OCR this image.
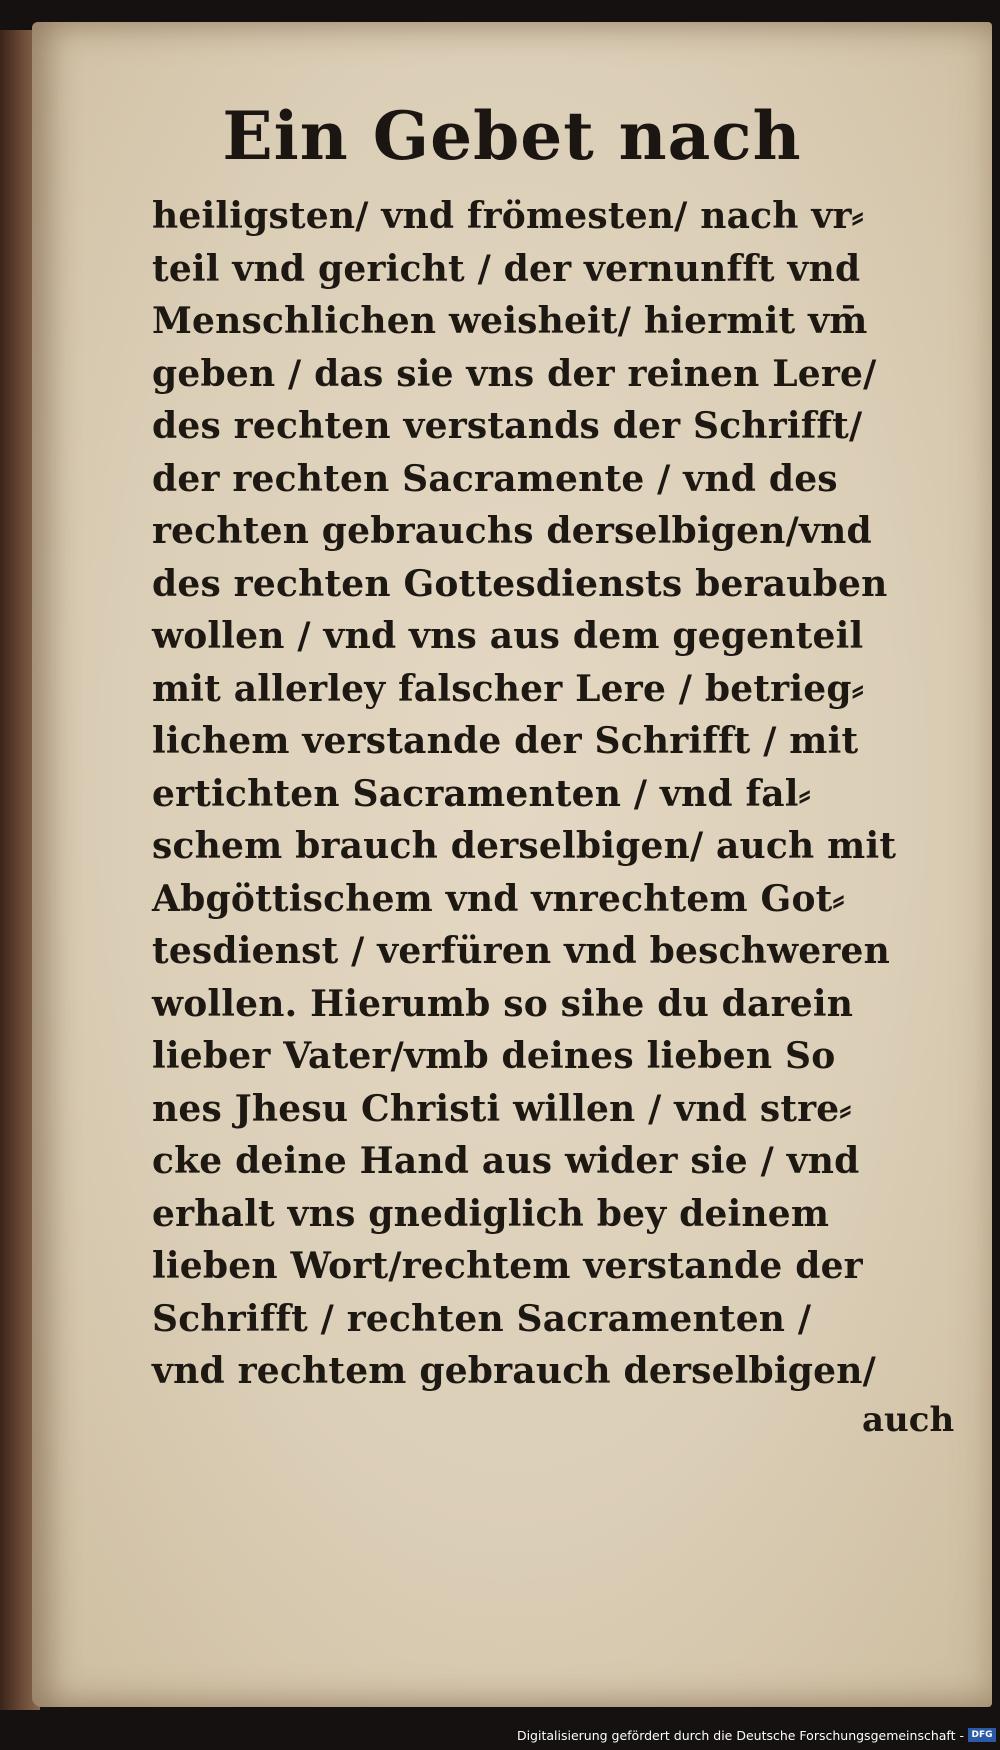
Ein Gebet nach
heiligsten/ vnd frömesten/ nach vr⸗
teil vnd gericht / der vernunfft vnd
Menschlichen weisheit/ hiermit vm̄
geben / das sie vns der reinen Lere/
des rechten verstands der Schrifft/
der rechten Sacramente / vnd des
rechten gebrauchs derselbigen/vnd
des rechten Gottesdiensts berauben
wollen / vnd vns aus dem gegenteil
mit allerley falscher Lere / betrieg⸗
lichem verstande der Schrifft / mit
ertichten Sacramenten / vnd fal⸗
schem brauch derselbigen/ auch mit
Abgöttischem vnd vnrechtem Got⸗
tesdienst / verfüren vnd beschweren
wollen. Hierumb so sihe du darein
lieber Vater/vmb deines lieben So
nes Jhesu Christi willen / vnd stre⸗
cke deine Hand aus wider sie / vnd
erhalt vns gnediglich bey deinem
lieben Wort/rechtem verstande der
Schrifft / rechten Sacramenten /
vnd rechtem gebrauch derselbigen/
auch
Digitalisierung gefördert durch die Deutsche Forschungsgemeinschaft - DFG
